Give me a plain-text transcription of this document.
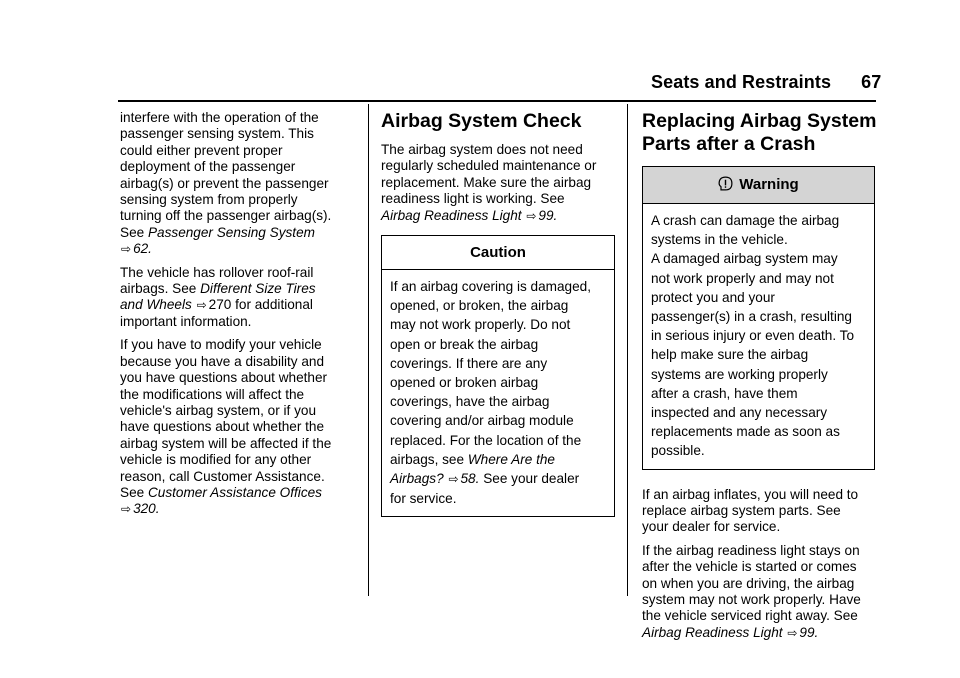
Seats and Restraints 67

interfere with the operation of the
passenger sensing system. This
could either prevent proper
deployment of the passenger
airbag(s) or prevent the passenger
sensing system from properly
turning off the passenger airbag(s).
See Passenger Sensing System
⇨ 62.

The vehicle has rollover roof-rail
airbags. See Different Size Tires
and Wheels ⇨ 270 for additional
important information.

If you have to modify your vehicle
because you have a disability and
you have questions about whether
the modifications will affect the
vehicle's airbag system, or if you
have questions about whether the
airbag system will be affected if the
vehicle is modified for any other
reason, call Customer Assistance.
See Customer Assistance Offices
⇨ 320.

Airbag System Check

The airbag system does not need
regularly scheduled maintenance or
replacement. Make sure the airbag
readiness light is working. See
Airbag Readiness Light ⇨ 99.

Caution
If an airbag covering is damaged,
opened, or broken, the airbag
may not work properly. Do not
open or break the airbag
coverings. If there are any
opened or broken airbag
coverings, have the airbag
covering and/or airbag module
replaced. For the location of the
airbags, see Where Are the
Airbags? ⇨ 58. See your dealer
for service.
Replacing Airbag System
Parts after a Crash
Warning
A crash can damage the airbag
systems in the vehicle.
A damaged airbag system may
not work properly and may not
protect you and your
passenger(s) in a crash, resulting
in serious injury or even death. To
help make sure the airbag
systems are working properly
after a crash, have them
inspected and any necessary
replacements made as soon as
possible.

If an airbag inflates, you will need to
replace airbag system parts. See
your dealer for service.

If the airbag readiness light stays on
after the vehicle is started or comes
on when you are driving, the airbag
system may not work properly. Have
the vehicle serviced right away. See
Airbag Readiness Light ⇨ 99.
